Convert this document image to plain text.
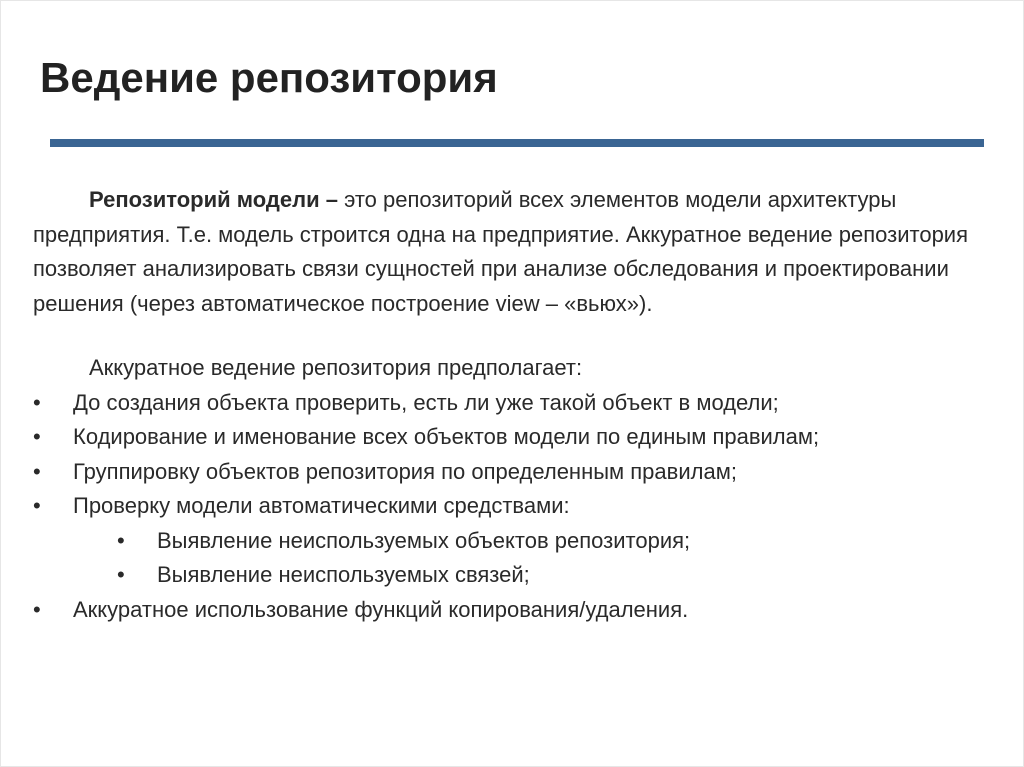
Ведение репозитория

Репозиторий модели – это репозиторий всех элементов модели архитектуры предприятия. Т.е. модель строится одна на предприятие. Аккуратное ведение репозитория позволяет анализировать связи сущностей при анализе обследования и проектировании решения (через автоматическое построение view – «вьюх»).

Аккуратное ведение репозитория предполагает:

• До создания объекта проверить, есть ли уже такой объект в модели;
• Кодирование и именование всех объектов модели по единым правилам;
• Группировку объектов репозитория по определенным правилам;
• Проверку модели автоматическими средствами:
• Выявление неиспользуемых объектов репозитория;
• Выявление неиспользуемых связей;
• Аккуратное использование функций копирования/удаления.
